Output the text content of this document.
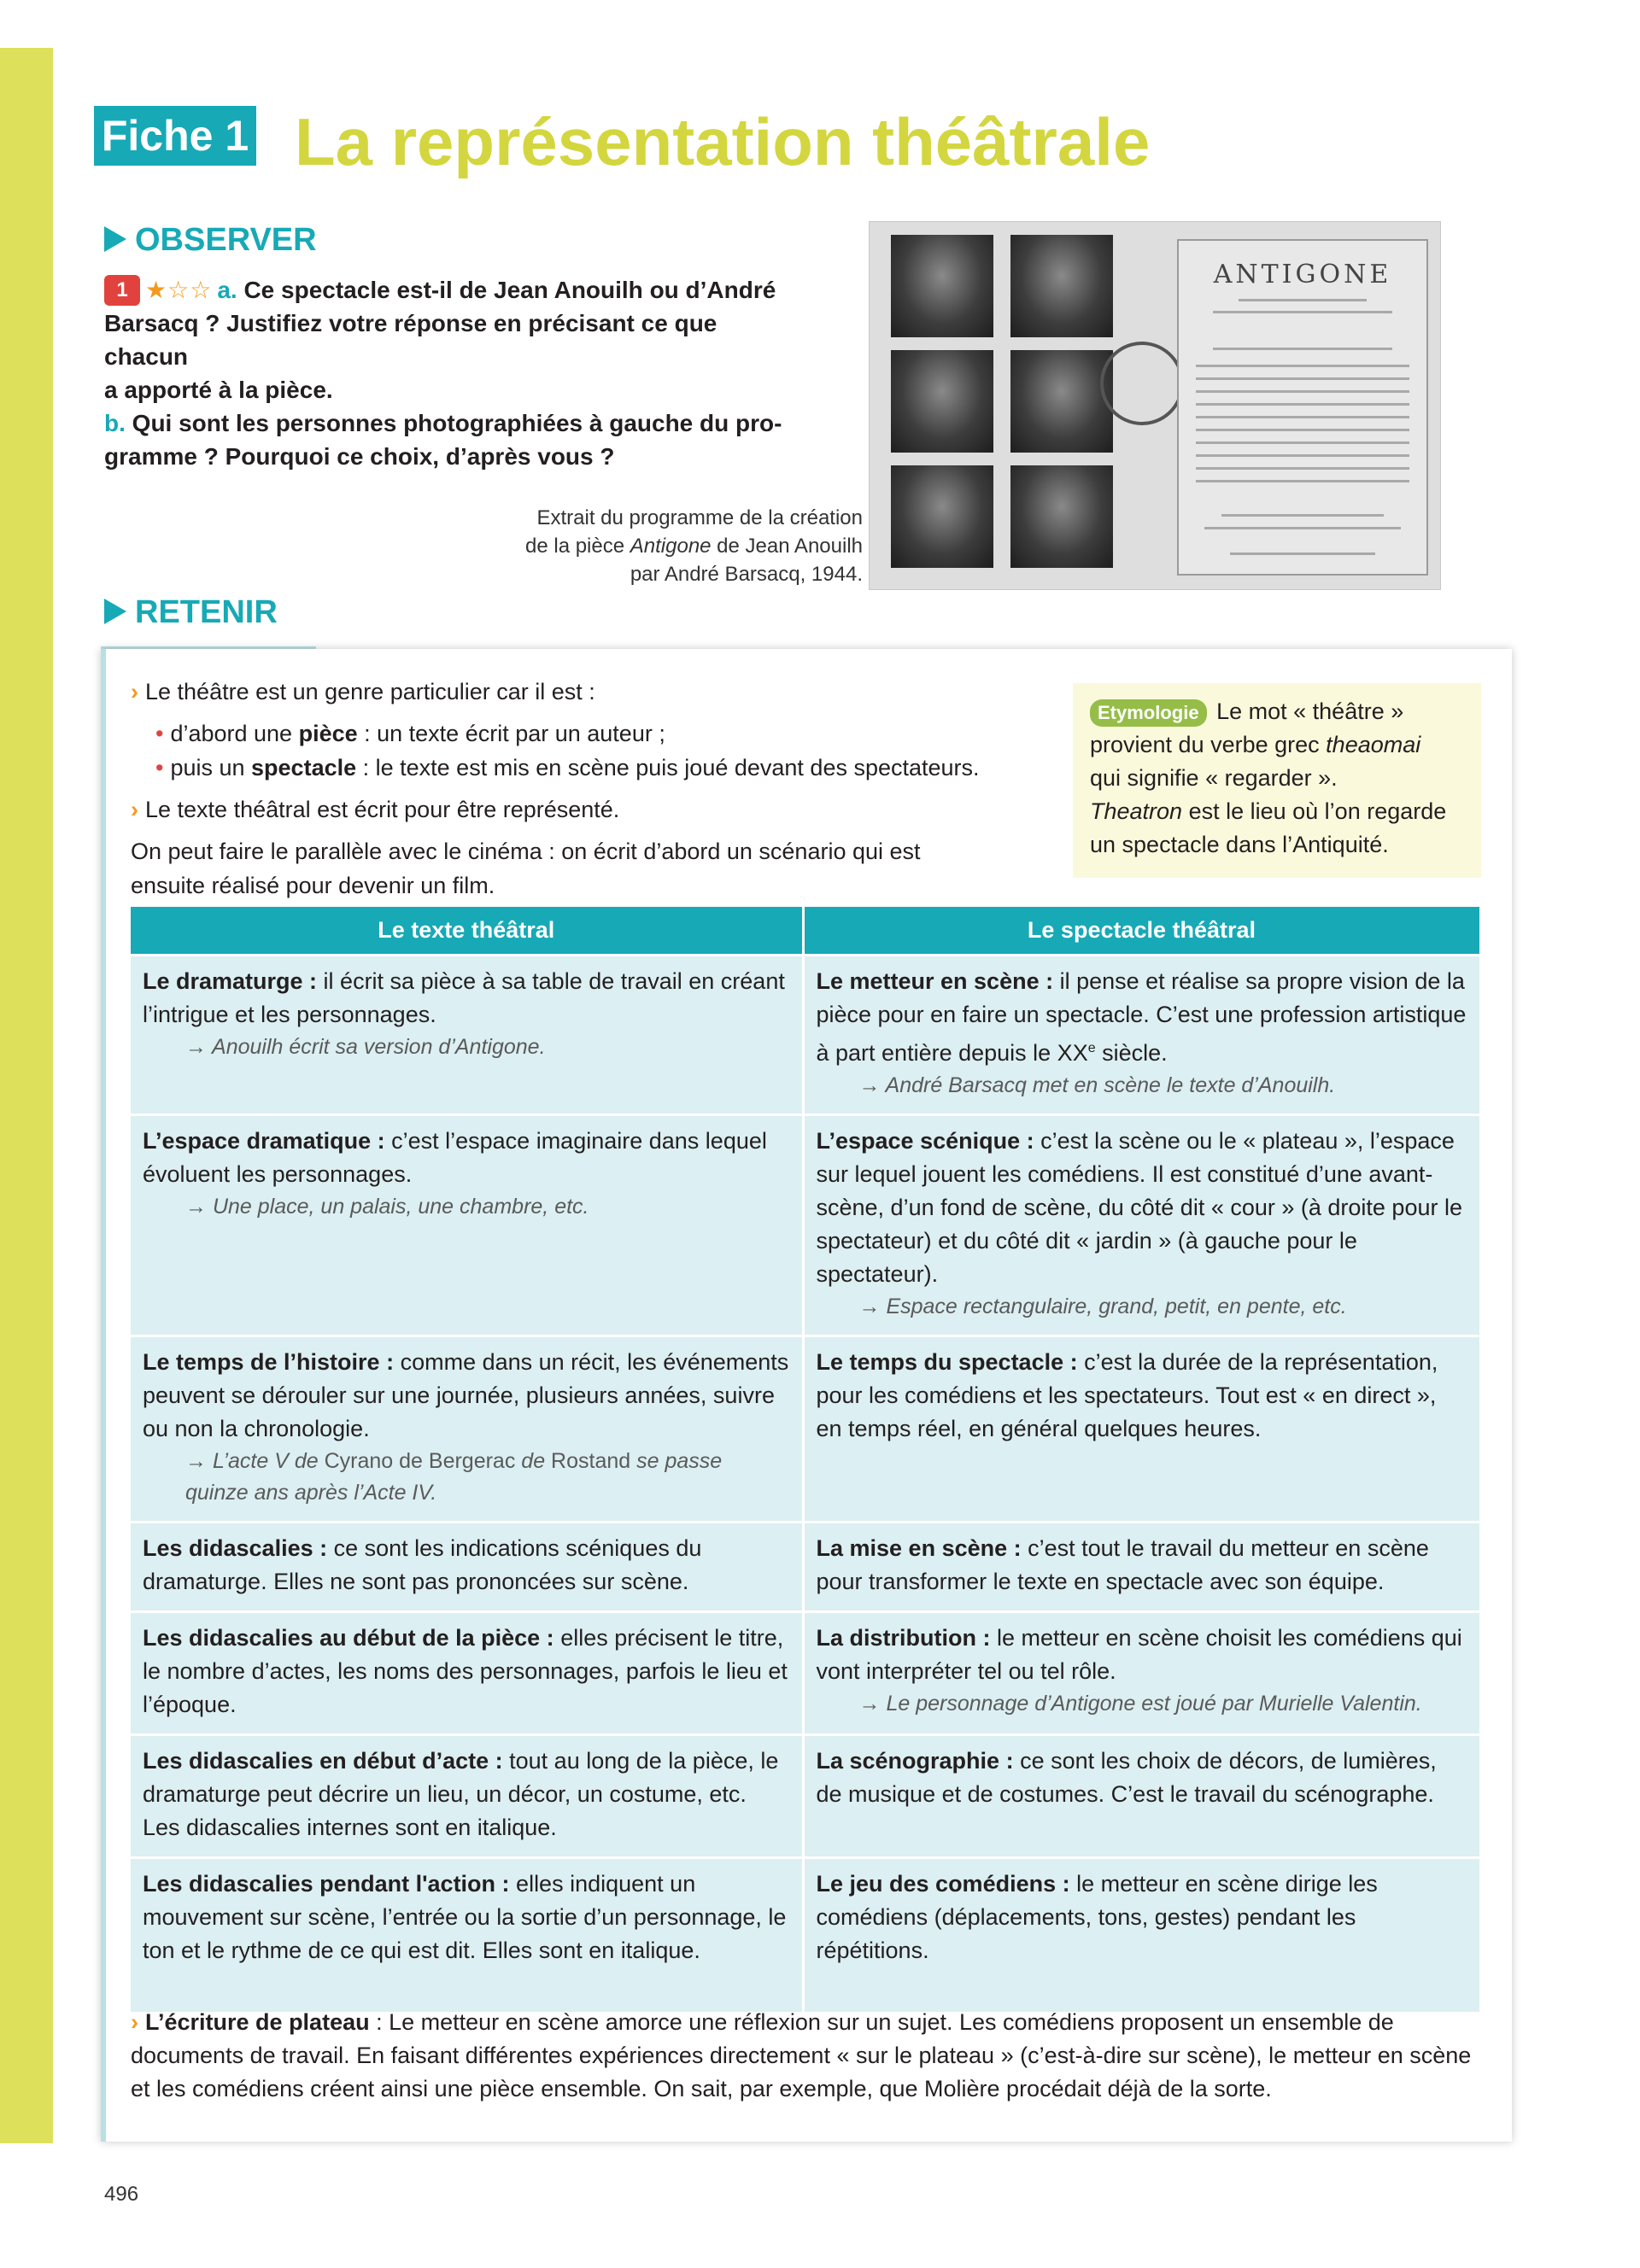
Fiche 1 La représentation théâtrale
OBSERVER
1 ★☆☆ a. Ce spectacle est-il de Jean Anouilh ou d’André
Barsacq ? Justifiez votre réponse en précisant ce que chacun
a apporté à la pièce.
b. Qui sont les personnes photographiées à gauche du pro-
gramme ? Pourquoi ce choix, d’après vous ?
ANTIGONE
Extrait du programme de la création
de la pièce Antigone de Jean Anouilh
par André Barsacq, 1944.
RETENIR
› Le théâtre est un genre particulier car il est :
• d’abord une pièce : un texte écrit par un auteur ;
• puis un spectacle : le texte est mis en scène puis joué devant des spectateurs.
› Le texte théâtral est écrit pour être représenté.
On peut faire le parallèle avec le cinéma : on écrit d’abord un scénario qui est
ensuite réalisé pour devenir un film.
Etymologie Le mot « théâtre »
provient du verbe grec theaomai
qui signifie « regarder ».
Theatron est le lieu où l’on regarde
un spectacle dans l’Antiquité.
Le texte théâtral	Le spectacle théâtral
Le dramaturge : il écrit sa pièce à sa table de travail en créant l’intrigue et les personnages.
→ Anouilh écrit sa version d’Antigone.	Le metteur en scène : il pense et réalise sa propre vision de la pièce pour en faire un spectacle. C’est une profession artistique à part entière depuis le XXe siècle.
→ André Barsacq met en scène le texte d’Anouilh.

L’espace dramatique : c’est l’espace imaginaire dans lequel évoluent les personnages.
→ Une place, un palais, une chambre, etc.	L’espace scénique : c’est la scène ou le « plateau », l’espace sur lequel jouent les comédiens. Il est constitué d’une avant-scène, d’un fond de scène, du côté dit « cour » (à droite pour le spectateur) et du côté dit « jardin » (à gauche pour le spectateur).
→ Espace rectangulaire, grand, petit, en pente, etc.

Le temps de l’histoire : comme dans un récit, les événements peuvent se dérouler sur une journée, plusieurs années, suivre ou non la chronologie.
→ L’acte V de Cyrano de Bergerac de Rostand se passe quinze ans après l’Acte IV.	Le temps du spectacle : c’est la durée de la représentation, pour les comédiens et les spectateurs. Tout est « en direct », en temps réel, en général quelques heures.
Les didascalies : ce sont les indications scéniques du dramaturge. Elles ne sont pas prononcées sur scène.	La mise en scène : c’est tout le travail du metteur en scène pour transformer le texte en spectacle avec son équipe.
Les didascalies au début de la pièce : elles précisent le titre, le nombre d’actes, les noms des personnages, parfois le lieu et l’époque.	La distribution : le metteur en scène choisit les comédiens qui vont interpréter tel ou tel rôle.
→ Le personnage d’Antigone est joué par Murielle Valentin.

Les didascalies en début d’acte : tout au long de la pièce, le dramaturge peut décrire un lieu, un décor, un costume, etc. Les didascalies internes sont en italique.	La scénographie : ce sont les choix de décors, de lumières, de musique et de costumes. C’est le travail du scénographe.
Les didascalies pendant l'action : elles indiquent un mouvement sur scène, l’entrée ou la sortie d’un personnage, le ton et le rythme de ce qui est dit. Elles sont en italique.	Le jeu des comédiens : le metteur en scène dirige les comédiens (déplacements, tons, gestes) pendant les répétitions.
› L’écriture de plateau : Le metteur en scène amorce une réflexion sur un sujet. Les comédiens proposent un ensemble de documents de travail. En faisant différentes expériences directement « sur le plateau » (c’est-à-dire sur scène), le metteur en scène et les comédiens créent ainsi une pièce ensemble. On sait, par exemple, que Molière procédait déjà de la sorte.
496
